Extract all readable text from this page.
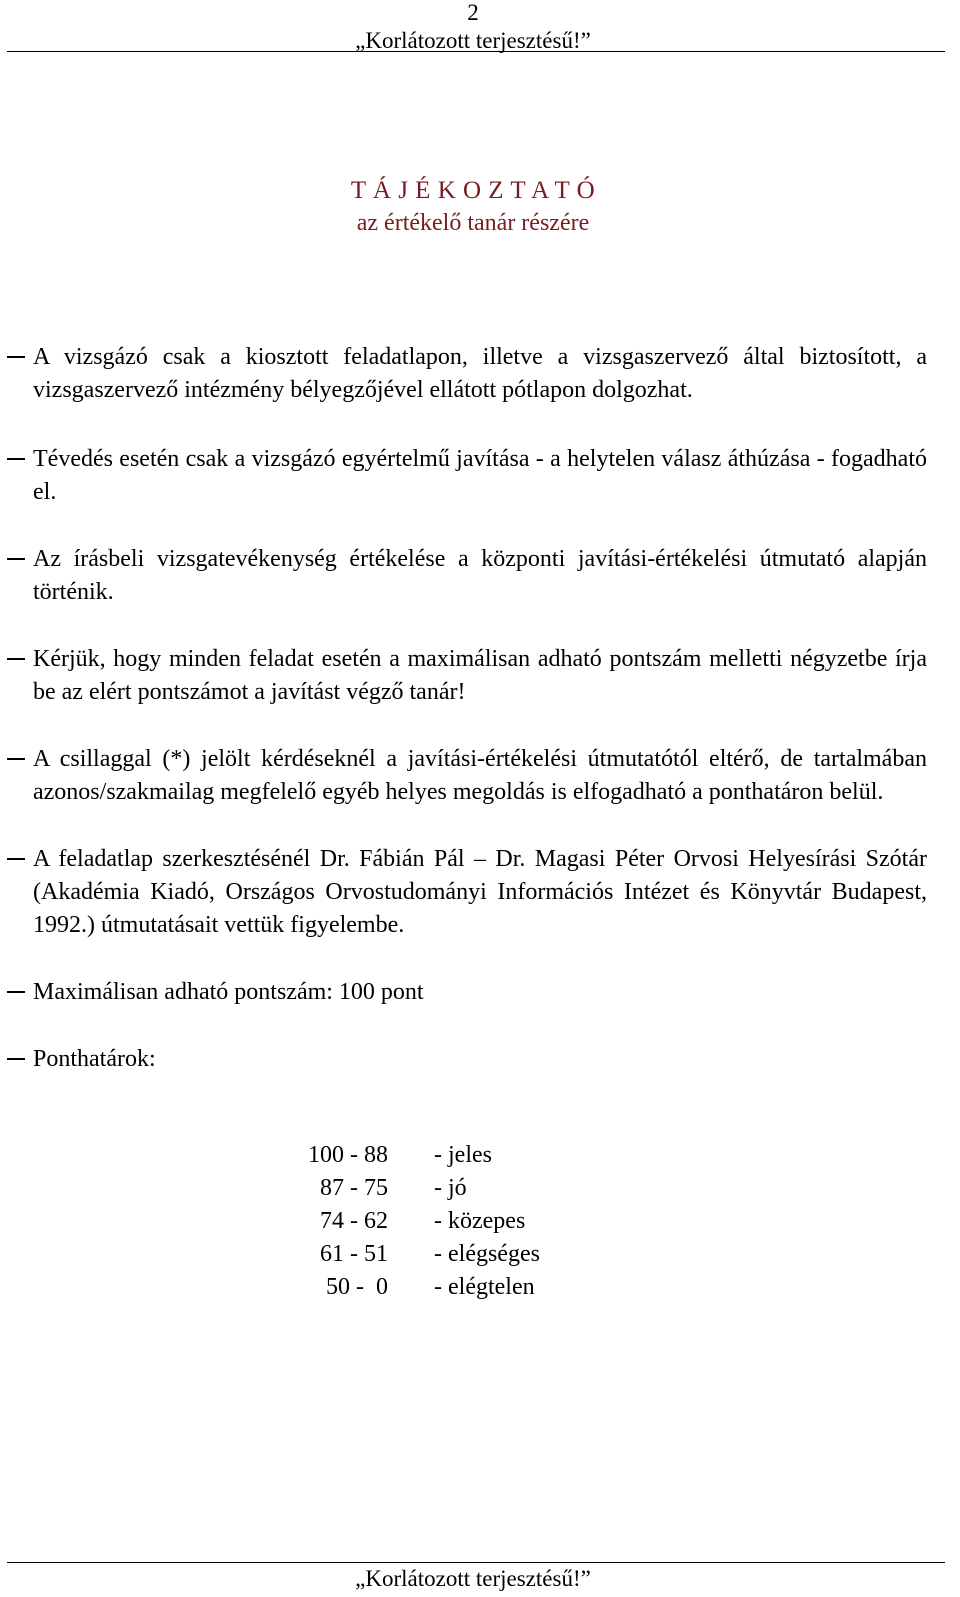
2
„Korlátozott terjesztésű!”
T Á J É K O Z T A T Ó
az értékelő tanár részére

A vizsgázó csak a kiosztott feladatlapon, illetve a vizsgaszervező által biztosított, a vizsgaszervező intézmény bélyegzőjével ellátott pótlapon dolgozhat.

Tévedés esetén csak a vizsgázó egyértelmű javítása - a helytelen válasz áthúzása - fogadható el.

Az írásbeli vizsgatevékenység értékelése a központi javítási-értékelési útmutató alapján történik.

Kérjük, hogy minden feladat esetén a maximálisan adható pontszám melletti négyzetbe írja be az elért pontszámot a javítást végző tanár!

A csillaggal (*) jelölt kérdéseknél a javítási-értékelési útmutatótól eltérő, de tartalmában azonos/szakmailag megfelelő egyéb helyes megoldás is elfogadható a ponthatáron belül.

A feladatlap szerkesztésénél Dr. Fábián Pál – Dr. Magasi Péter Orvosi Helyesírási Szótár (Akadémia Kiadó, Országos Orvostudományi Információs Intézet és Könyvtár Budapest, 1992.) útmutatásait vettük figyelembe.

Maximálisan adható pontszám: 100 pont

Ponthatárok:

100 - 88 - jeles
87 - 75 - jó
74 - 62 - közepes
61 - 51 - elégséges
50 -  0 - elégtelen
„Korlátozott terjesztésű!”
